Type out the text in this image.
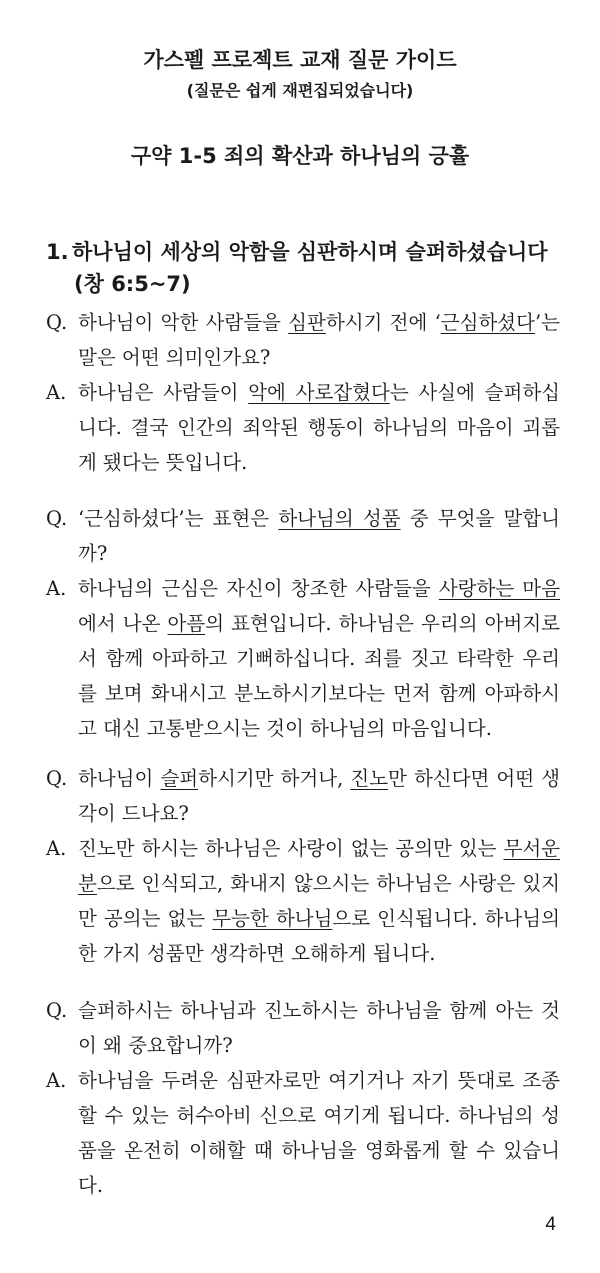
가스펠 프로젝트 교재 질문 가이드
(질문은 쉽게 재편집되었습니다)
구약 1-5 죄의 확산과 하나님의 긍휼
1. 하나님이 세상의 악함을 심판하시며 슬퍼하셨습니다
(창 6:5~7)
Q. 하나님이 악한 사람들을 심판하시기 전에 ‘근심하셨다’는 말은 어떤 의미인가요?
A. 하나님은 사람들이 악에 사로잡혔다는 사실에 슬퍼하십니다. 결국 인간의 죄악된 행동이 하나님의 마음이 괴롭게 됐다는 뜻입니다.
Q. ‘근심하셨다’는 표현은 하나님의 성품 중 무엇을 말합니까?
A. 하나님의 근심은 자신이 창조한 사람들을 사랑하는 마음에서 나온 아픔의 표현입니다. 하나님은 우리의 아버지로서 함께 아파하고 기뻐하십니다. 죄를 짓고 타락한 우리를 보며 화내시고 분노하시기보다는 먼저 함께 아파하시고 대신 고통받으시는 것이 하나님의 마음입니다.
Q. 하나님이 슬퍼하시기만 하거나, 진노만 하신다면 어떤 생각이 드나요?
A. 진노만 하시는 하나님은 사랑이 없는 공의만 있는 무서운 분으로 인식되고, 화내지 않으시는 하나님은 사랑은 있지만 공의는 없는 무능한 하나님으로 인식됩니다. 하나님의 한 가지 성품만 생각하면 오해하게 됩니다.
Q. 슬퍼하시는 하나님과 진노하시는 하나님을 함께 아는 것이 왜 중요합니까?
A. 하나님을 두려운 심판자로만 여기거나 자기 뜻대로 조종할 수 있는 허수아비 신으로 여기게 됩니다. 하나님의 성품을 온전히 이해할 때 하나님을 영화롭게 할 수 있습니다.
4
